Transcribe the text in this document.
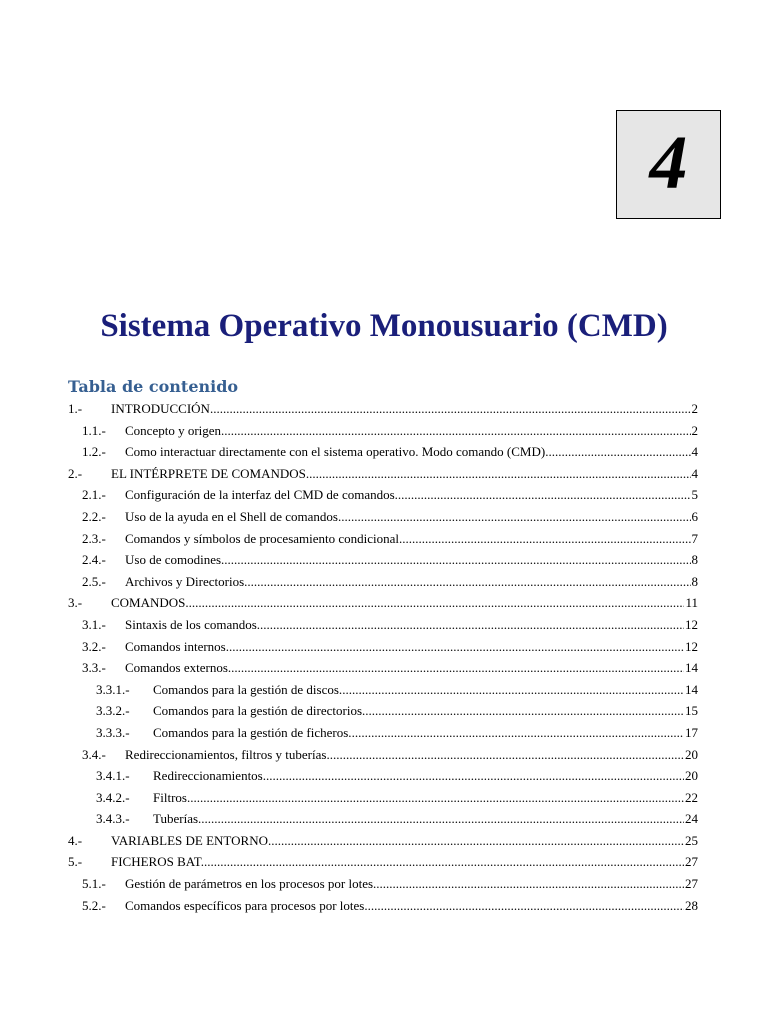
4
Sistema Operativo Monousuario (CMD)
Tabla de contenido
1.-	INTRODUCCIÓN .....	2
1.1.-	Concepto y origen. .....	2
1.2.-	Como interactuar directamente con el sistema operativo. Modo comando (CMD). .....	4
2.-	EL INTÉRPRETE DE COMANDOS .....	4
2.1.-	Configuración de la interfaz del CMD de comandos. .....	5
2.2.-	Uso de la ayuda en el Shell de comandos. .....	6
2.3.-	Comandos y símbolos de procesamiento condicional. .....	7
2.4.-	Uso de comodines. .....	8
2.5.-	Archivos y Directorios. .....	8
3.-	COMANDOS. .....	11
3.1.-	Sintaxis de los comandos .....	12
3.2.-	Comandos internos. .....	12
3.3.-	Comandos externos. .....	14
3.3.1.-	Comandos para la gestión de discos. .....	14
3.3.2.-	Comandos para la gestión de directorios. .....	15
3.3.3.-	Comandos para la gestión de ficheros. .....	17
3.4.-	Redireccionamientos, filtros y tuberías. .....	20
3.4.1.-	Redireccionamientos. .....	20
3.4.2.-	Filtros. .....	22
3.4.3.-	Tuberías. .....	24
4.-	VARIABLES DE ENTORNO .....	25
5.-	FICHEROS BAT. .....	27
5.1.-	Gestión de parámetros en los procesos por lotes. .....	27
5.2.-	Comandos específicos para procesos por lotes. .....	28
